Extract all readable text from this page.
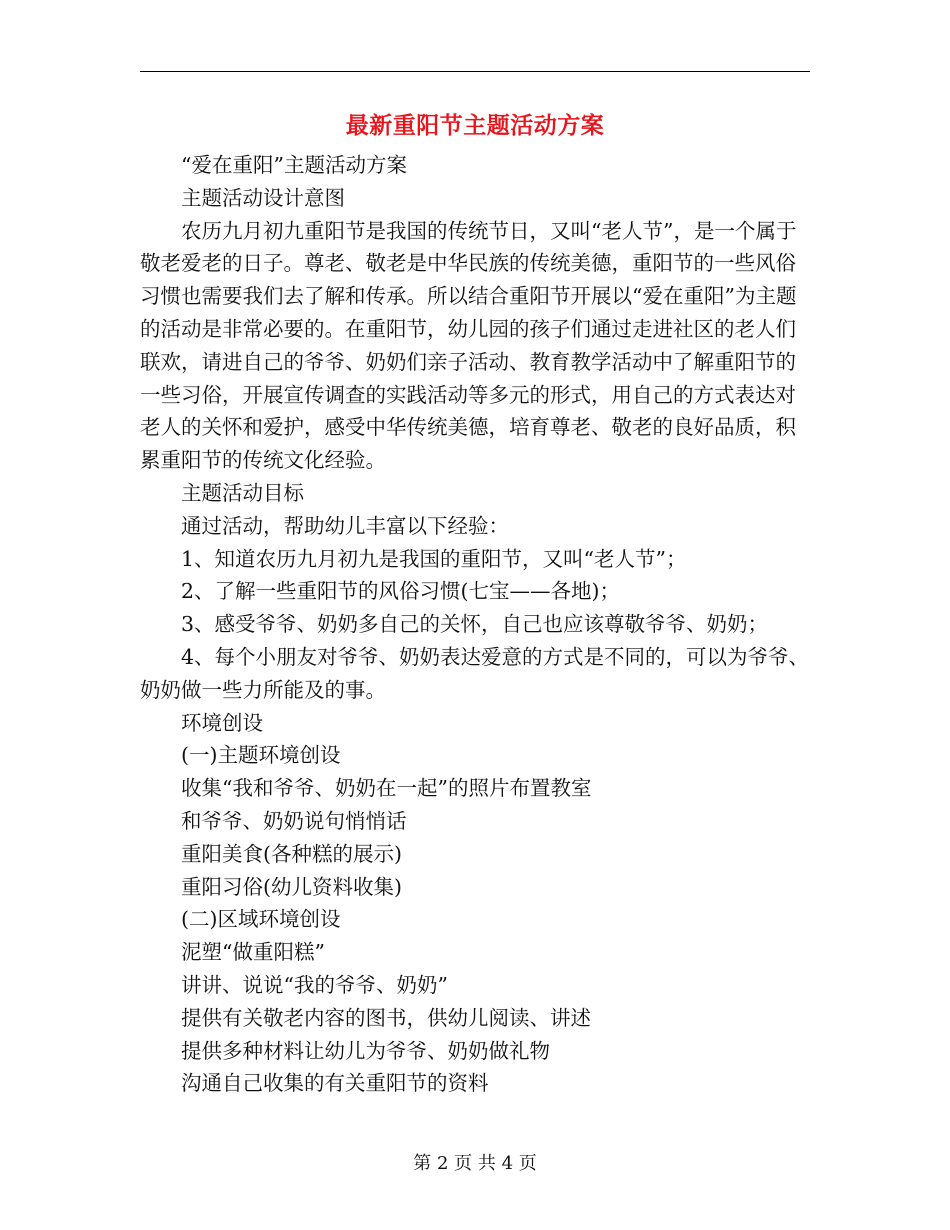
最新重阳节主题活动方案

“爱在重阳”主题活动方案

主题活动设计意图

农历九月初九重阳节是我国的传统节日，又叫“老人节”，是一个属于敬老爱老的日子。尊老、敬老是中华民族的传统美德，重阳节的一些风俗习惯也需要我们去了解和传承。所以结合重阳节开展以“爱在重阳”为主题的活动是非常必要的。在重阳节，幼儿园的孩子们通过走进社区的老人们联欢，请进自己的爷爷、奶奶们亲子活动、教育教学活动中了解重阳节的一些习俗，开展宣传调查的实践活动等多元的形式，用自己的方式表达对老人的关怀和爱护，感受中华传统美德，培育尊老、敬老的良好品质，积累重阳节的传统文化经验。

主题活动目标

通过活动，帮助幼儿丰富以下经验：

1、知道农历九月初九是我国的重阳节，又叫“老人节”；

2、了解一些重阳节的风俗习惯(七宝——各地)；

3、感受爷爷、奶奶多自己的关怀，自己也应该尊敬爷爷、奶奶；

4、每个小朋友对爷爷、奶奶表达爱意的方式是不同的，可以为爷爷、奶奶做一些力所能及的事。

环境创设

(一)主题环境创设

收集“我和爷爷、奶奶在一起”的照片布置教室

和爷爷、奶奶说句悄悄话

重阳美食(各种糕的展示)

重阳习俗(幼儿资料收集)

(二)区域环境创设

泥塑“做重阳糕”

讲讲、说说“我的爷爷、奶奶”

提供有关敬老内容的图书，供幼儿阅读、讲述

提供多种材料让幼儿为爷爷、奶奶做礼物

沟通自己收集的有关重阳节的资料

第 2 页 共 4 页
